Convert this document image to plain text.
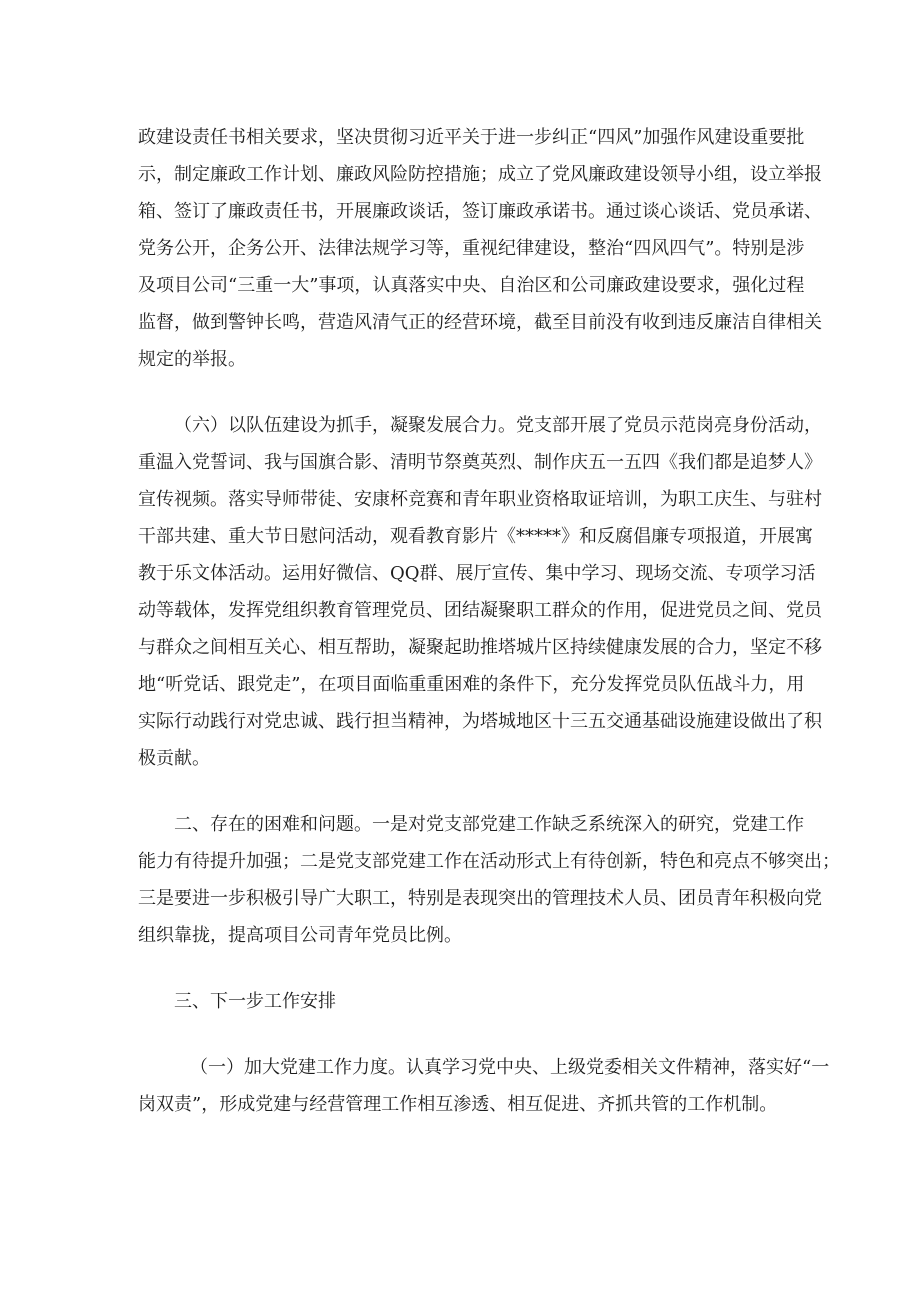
政建设责任书相关要求，坚决贯彻习近平关于进一步纠正“四风”加强作风建设重要批
示，制定廉政工作计划、廉政风险防控措施；成立了党风廉政建设领导小组，设立举报
箱、签订了廉政责任书，开展廉政谈话，签订廉政承诺书。通过谈心谈话、党员承诺、
党务公开，企务公开、法律法规学习等，重视纪律建设，整治“四风四气”。特别是涉
及项目公司“三重一大”事项，认真落实中央、自治区和公司廉政建设要求，强化过程
监督，做到警钟长鸣，营造风清气正的经营环境，截至目前没有收到违反廉洁自律相关
规定的举报。
（六）以队伍建设为抓手，凝聚发展合力。党支部开展了党员示范岗亮身份活动，
重温入党誓词、我与国旗合影、清明节祭奠英烈、制作庆五一五四《我们都是追梦人》
宣传视频。落实导师带徒、安康杯竞赛和青年职业资格取证培训，为职工庆生、与驻村
干部共建、重大节日慰问活动，观看教育影片《*****》和反腐倡廉专项报道，开展寓
教于乐文体活动。运用好微信、QQ群、展厅宣传、集中学习、现场交流、专项学习活
动等载体，发挥党组织教育管理党员、团结凝聚职工群众的作用，促进党员之间、党员
与群众之间相互关心、相互帮助，凝聚起助推塔城片区持续健康发展的合力，坚定不移
地“听党话、跟党走”，在项目面临重重困难的条件下，充分发挥党员队伍战斗力，用
实际行动践行对党忠诚、践行担当精神，为塔城地区十三五交通基础设施建设做出了积
极贡献。
二、存在的困难和问题。一是对党支部党建工作缺乏系统深入的研究，党建工作
能力有待提升加强；二是党支部党建工作在活动形式上有待创新，特色和亮点不够突出；
三是要进一步积极引导广大职工，特别是表现突出的管理技术人员、团员青年积极向党
组织靠拢，提高项目公司青年党员比例。
三、下一步工作安排
（一）加大党建工作力度。认真学习党中央、上级党委相关文件精神，落实好“一
岗双责”，形成党建与经营管理工作相互渗透、相互促进、齐抓共管的工作机制。
